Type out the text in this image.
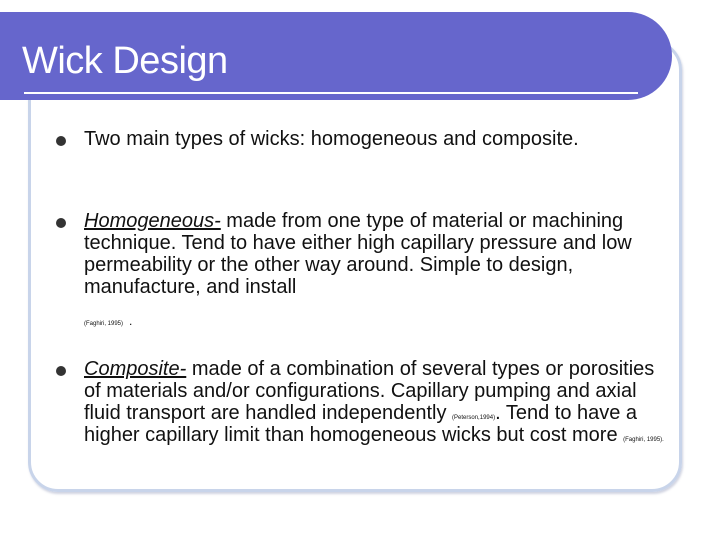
Wick Design
Two main types of wicks: homogeneous and composite.
Homogeneous- made from one type of material or machining technique. Tend to have either high capillary pressure and low permeability or the other way around. Simple to design, manufacture, and install
(Faghiri, 1995) .
Composite- made of a combination of several types or porosities of materials and/or configurations. Capillary pumping and axial fluid transport are handled independently (Peterson,1994). Tend to have a higher capillary limit than homogeneous wicks but cost more (Faghiri, 1995).
